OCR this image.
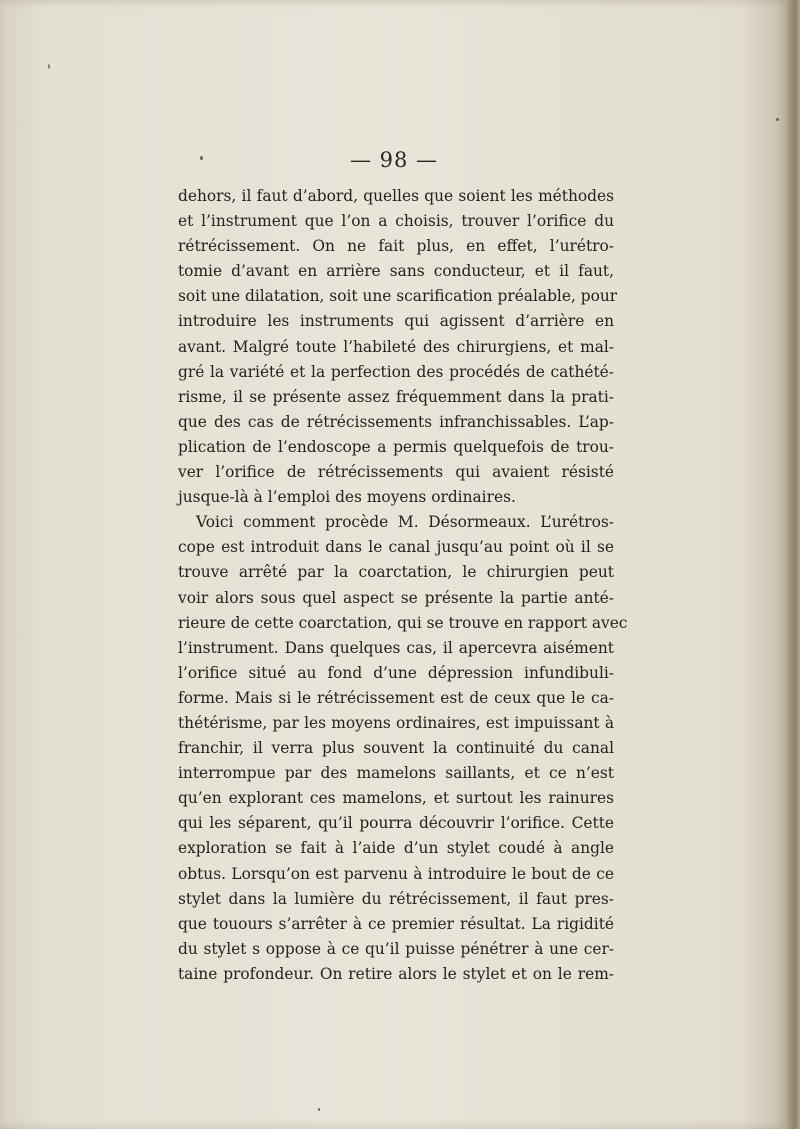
— 98 —
dehors, il faut d’abord, quelles que soient les méthodes
et l’instrument que l’on a choisis, trouver l’orifice du
rétrécissement. On ne fait plus, en effet, l’urétro-
tomie d’avant en arrière sans conducteur, et il faut,
soit une dilatation, soit une scarification préalable, pour
introduire les instruments qui agissent d’arrière en
avant. Malgré toute l’habileté des chirurgiens, et mal-
gré la variété et la perfection des procédés de cathété-
risme, il se présente assez fréquemment dans la prati-
que des cas de rétrécissements infranchissables. L’ap-
plication de l’endoscope a permis quelquefois de trou-
ver l’orifice de rétrécissements qui avaient résisté
jusque-là à l’emploi des moyens ordinaires.
Voici comment procède M. Désormeaux. L’urétros-
cope est introduit dans le canal jusqu’au point où il se
trouve arrêté par la coarctation, le chirurgien peut
voir alors sous quel aspect se présente la partie anté-
rieure de cette coarctation, qui se trouve en rapport avec
l’instrument. Dans quelques cas, il apercevra aisément
l’orifice situé au fond d’une dépression infundibuli-
forme. Mais si le rétrécissement est de ceux que le ca-
thétérisme, par les moyens ordinaires, est impuissant à
franchir, il verra plus souvent la continuité du canal
interrompue par des mamelons saillants, et ce n’est
qu’en explorant ces mamelons, et surtout les rainures
qui les séparent, qu’il pourra découvrir l’orifice. Cette
exploration se fait à l’aide d’un stylet coudé à angle
obtus. Lorsqu’on est parvenu à introduire le bout de ce
stylet dans la lumière du rétrécissement, il faut pres-
que touours s’arrêter à ce premier résultat. La rigidité
du stylet s oppose à ce qu’il puisse pénétrer à une cer-
taine profondeur. On retire alors le stylet et on le rem-
